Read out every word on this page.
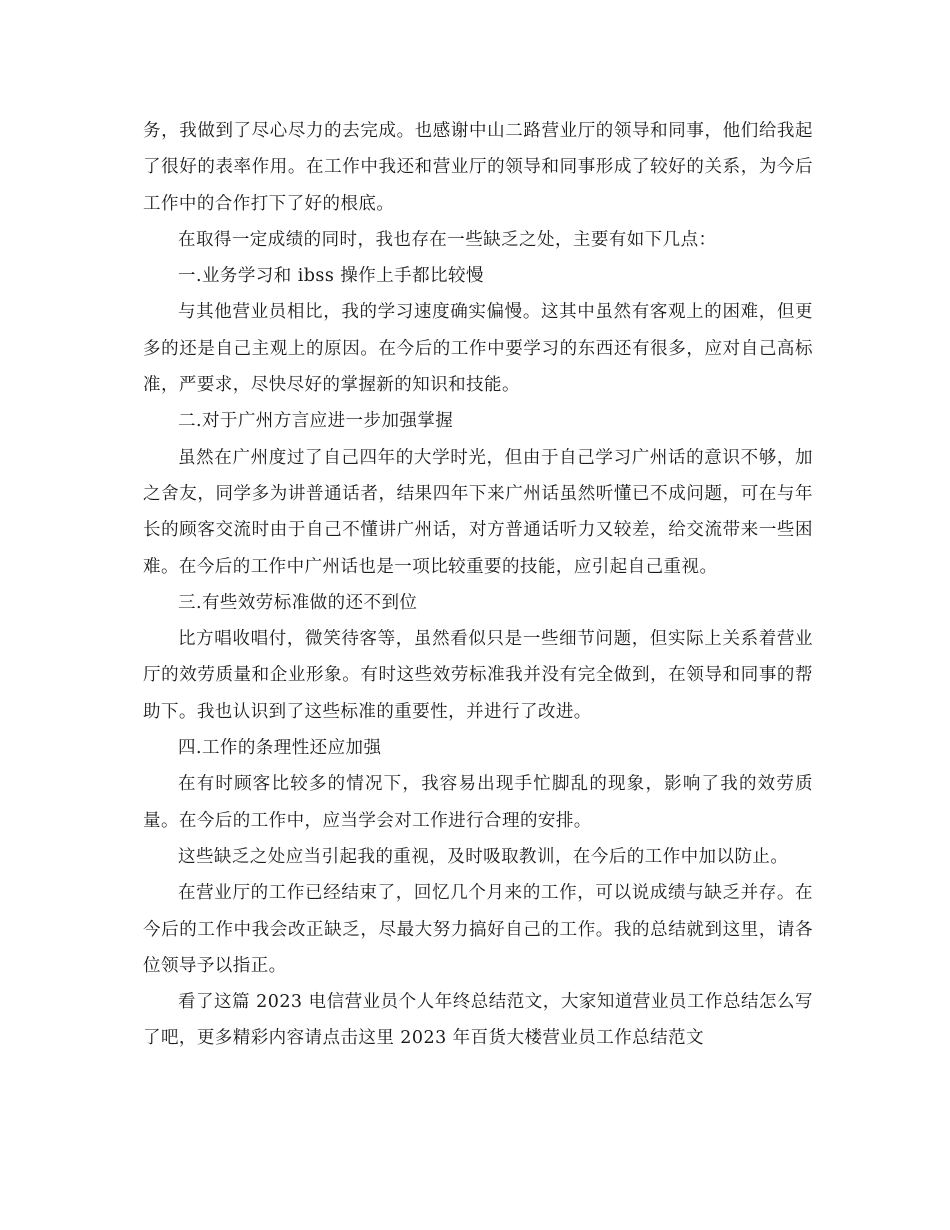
务，我做到了尽心尽力的去完成。也感谢中山二路营业厅的领导和同事，他们给我起了很好的表率作用。在工作中我还和营业厅的领导和同事形成了较好的关系，为今后工作中的合作打下了好的根底。

在取得一定成绩的同时，我也存在一些缺乏之处，主要有如下几点：

一.业务学习和 ibss 操作上手都比较慢

与其他营业员相比，我的学习速度确实偏慢。这其中虽然有客观上的困难，但更多的还是自己主观上的原因。在今后的工作中要学习的东西还有很多，应对自己高标准，严要求，尽快尽好的掌握新的知识和技能。

二.对于广州方言应进一步加强掌握

虽然在广州度过了自己四年的大学时光，但由于自己学习广州话的意识不够，加之舍友，同学多为讲普通话者，结果四年下来广州话虽然听懂已不成问题，可在与年长的顾客交流时由于自己不懂讲广州话，对方普通话听力又较差，给交流带来一些困难。在今后的工作中广州话也是一项比较重要的技能，应引起自己重视。

三.有些效劳标准做的还不到位

比方唱收唱付，微笑待客等，虽然看似只是一些细节问题，但实际上关系着营业厅的效劳质量和企业形象。有时这些效劳标准我并没有完全做到，在领导和同事的帮助下。我也认识到了这些标准的重要性，并进行了改进。

四.工作的条理性还应加强

在有时顾客比较多的情况下，我容易出现手忙脚乱的现象，影响了我的效劳质量。在今后的工作中，应当学会对工作进行合理的安排。

这些缺乏之处应当引起我的重视，及时吸取教训，在今后的工作中加以防止。

在营业厅的工作已经结束了，回忆几个月来的工作，可以说成绩与缺乏并存。在今后的工作中我会改正缺乏，尽最大努力搞好自己的工作。我的总结就到这里，请各位领导予以指正。

看了这篇 2023 电信营业员个人年终总结范文，大家知道营业员工作总结怎么写了吧，更多精彩内容请点击这里 2023 年百货大楼营业员工作总结范文
